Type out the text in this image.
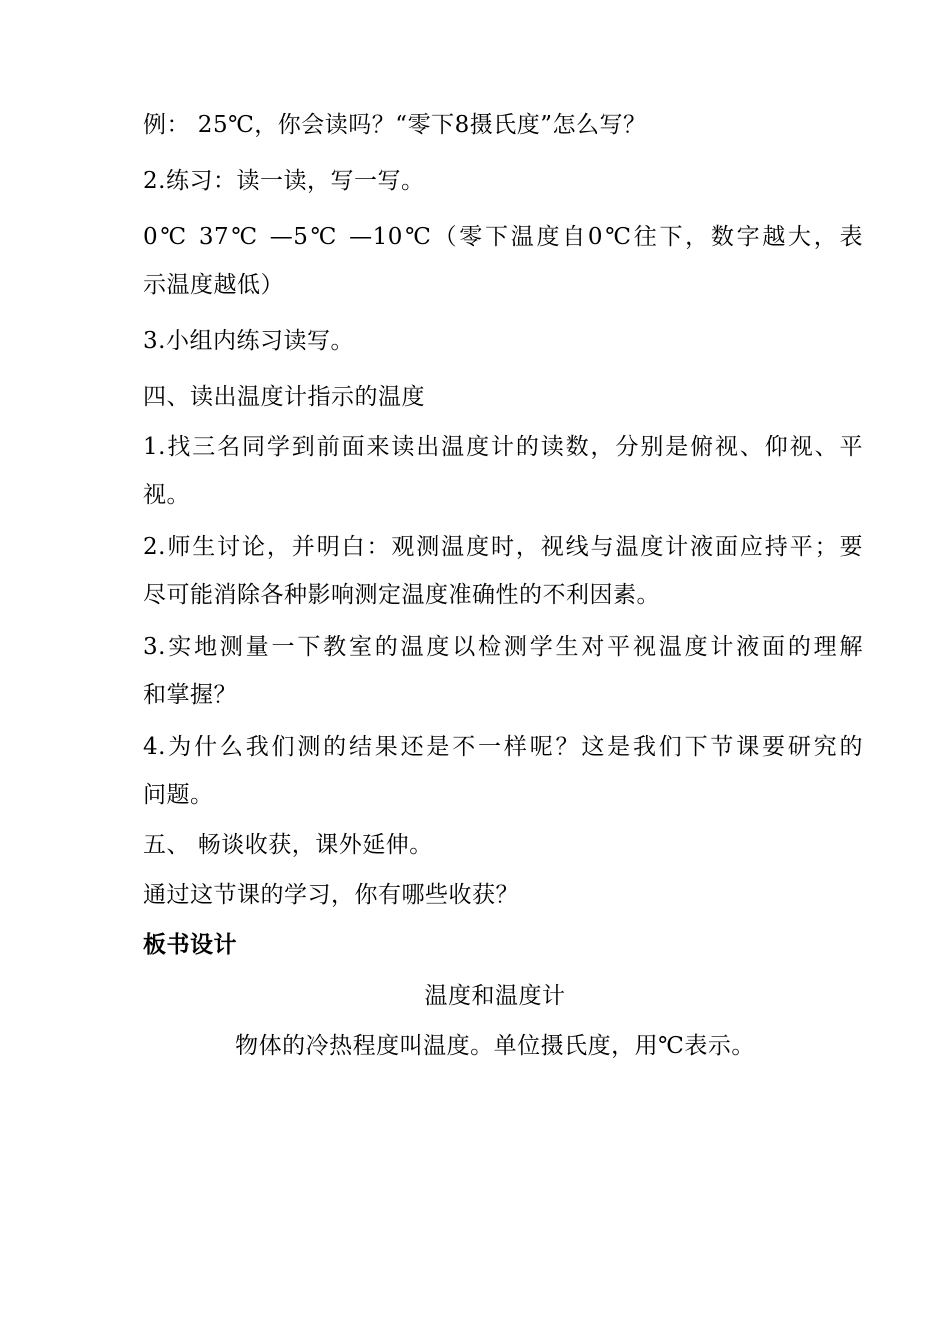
例： 25℃，你会读吗？“零下8摄氏度”怎么写？
2.练习：读一读，写一写。
0℃ 37℃ —5℃ —10℃（零下温度自0℃往下，数字越大，表
示温度越低）
3.小组内练习读写。
四、读出温度计指示的温度
1.找三名同学到前面来读出温度计的读数，分别是俯视、仰视、平
视。
2.师生讨论，并明白：观测温度时，视线与温度计液面应持平；要
尽可能消除各种影响测定温度准确性的不利因素。
3.实地测量一下教室的温度以检测学生对平视温度计液面的理解
和掌握？
4.为什么我们测的结果还是不一样呢？这是我们下节课要研究的
问题。
五、 畅谈收获，课外延伸。
通过这节课的学习，你有哪些收获？
板书设计
温度和温度计
物体的冷热程度叫温度。单位摄氏度，用℃表示。
